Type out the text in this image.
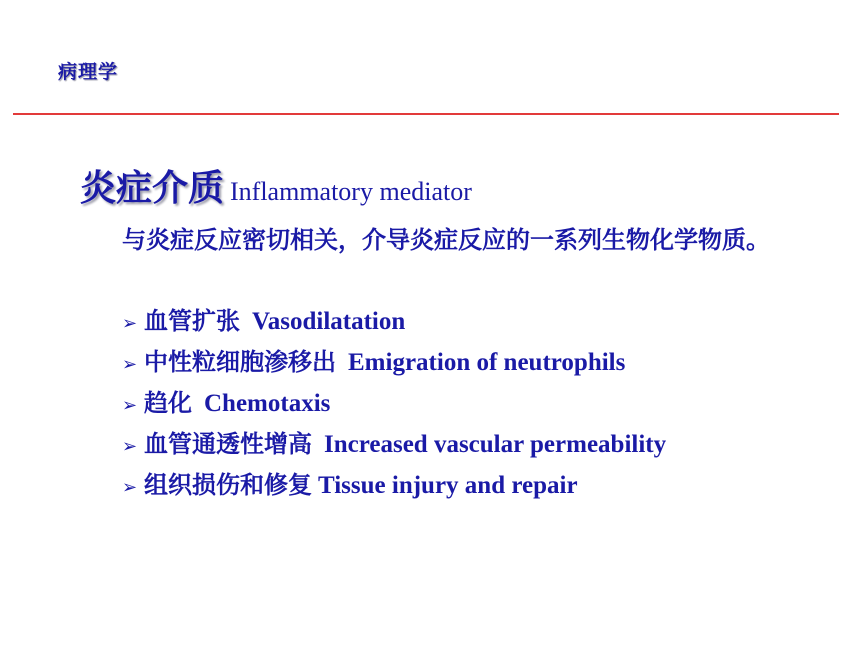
病理学
炎症介质 Inflammatory mediator
与炎症反应密切相关，介导炎症反应的一系列生物化学物质。
➢ 血管扩张 Vasodilatation
➢ 中性粒细胞渗移出 Emigration of neutrophils
➢ 趋化 Chemotaxis
➢ 血管通透性增高 Increased vascular permeability
➢ 组织损伤和修复 Tissue injury and repair
